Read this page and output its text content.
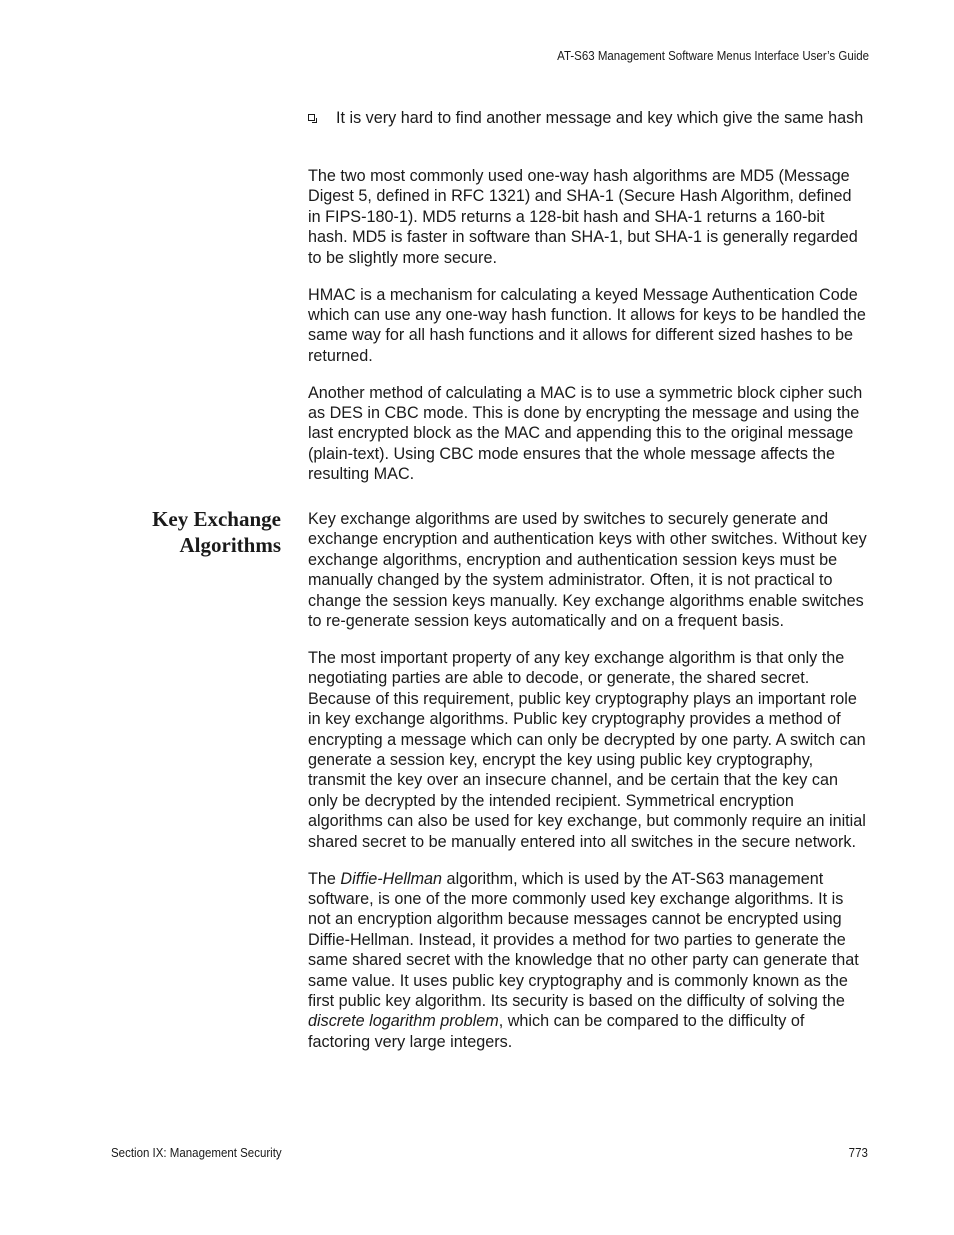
AT-S63 Management Software Menus Interface User’s Guide
It is very hard to find another message and key which give the same hash

The two most commonly used one-way hash algorithms are MD5 (Message Digest 5, defined in RFC 1321) and SHA-1 (Secure Hash Algorithm, defined in FIPS-180-1). MD5 returns a 128-bit hash and SHA-1 returns a 160-bit hash. MD5 is faster in software than SHA-1, but SHA-1 is generally regarded to be slightly more secure.

HMAC is a mechanism for calculating a keyed Message Authentication Code which can use any one-way hash function. It allows for keys to be handled the same way for all hash functions and it allows for different sized hashes to be returned.

Another method of calculating a MAC is to use a symmetric block cipher such as DES in CBC mode. This is done by encrypting the message and using the last encrypted block as the MAC and appending this to the original message (plain-text). Using CBC mode ensures that the whole message affects the resulting MAC.

Key Exchange
Algorithms

Key exchange algorithms are used by switches to securely generate and exchange encryption and authentication keys with other switches. Without key exchange algorithms, encryption and authentication session keys must be manually changed by the system administrator. Often, it is not practical to change the session keys manually. Key exchange algorithms enable switches to re-generate session keys automatically and on a frequent basis.

The most important property of any key exchange algorithm is that only the negotiating parties are able to decode, or generate, the shared secret. Because of this requirement, public key cryptography plays an important role in key exchange algorithms. Public key cryptography provides a method of encrypting a message which can only be decrypted by one party. A switch can generate a session key, encrypt the key using public key cryptography, transmit the key over an insecure channel, and be certain that the key can only be decrypted by the intended recipient. Symmetrical encryption algorithms can also be used for key exchange, but commonly require an initial shared secret to be manually entered into all switches in the secure network.

The Diffie-Hellman algorithm, which is used by the AT-S63 management software, is one of the more commonly used key exchange algorithms. It is not an encryption algorithm because messages cannot be encrypted using Diffie-Hellman. Instead, it provides a method for two parties to generate the same shared secret with the knowledge that no other party can generate that same value. It uses public key cryptography and is commonly known as the first public key algorithm. Its security is based on the difficulty of solving the discrete logarithm problem, which can be compared to the difficulty of factoring very large integers.

Section IX: Management Security	773
